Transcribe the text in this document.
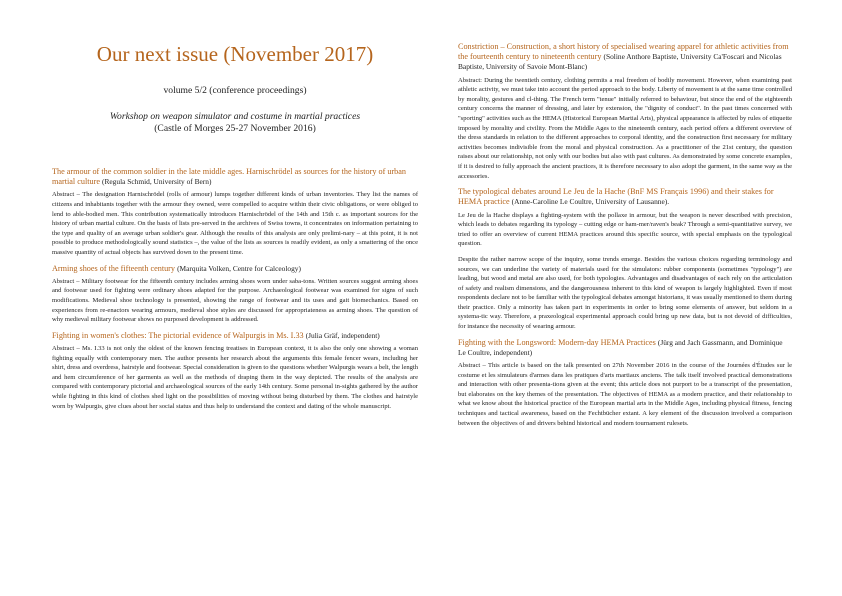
Our next issue (November 2017)

volume 5/2 (conference proceedings)

Workshop on weapon simulator and costume in martial practices

(Castle of Morges 25-27 November 2016)

The armour of the common soldier in the late middle ages. Harnischrödel as sources for the history of urban martial culture (Regula Schmid, University of Bern)

Abstract – The designation Harnischrödel (rolls of armour) lumps together different kinds of urban inventories. They list the names of citizens and inhabitants together with the armour they owned, were compelled to acquire within their civic obligations, or were obliged to lend to able-bodied men. This contribution systematically introduces Harnischrödel of the 14th and 15th c. as important sources for the history of urban martial culture. On the basis of lists pre-served in the archives of Swiss towns, it concentrates on information pertaining to the type and quality of an average urban soldier's gear. Although the results of this analysis are only prelimi-nary – at this point, it is not possible to produce methodologically sound statistics –, the value of the lists as sources is readily evident, as only a smattering of the once massive quantity of actual objects has survived down to the present time.

Arming shoes of the fifteenth century (Marquita Volken, Centre for Calceology)

Abstract – Military footwear for the fifteenth century includes arming shoes worn under saba-tons. Written sources suggest arming shoes and footwear used for fighting were ordinary shoes adapted for the purpose. Archaeological footwear was examined for signs of such modifications. Medieval shoe technology is presented, showing the range of footwear and its uses and gait biomechanics. Based on experiences from re-enactors wearing armours, medieval shoe styles are discussed for appropriateness as arming shoes. The question of why medieval military footwear shows no purposed development is addressed.

Fighting in women's clothes: The pictorial evidence of Walpurgis in Ms. I.33 (Julia Gräf, independent)

Abstract – Ms. I.33 is not only the oldest of the known fencing treatises in European context, it is also the only one showing a woman fighting equally with contemporary men. The author presents her research about the arguments this female fencer wears, including her shirt, dress and overdress, hairstyle and footwear. Special consideration is given to the questions whether Walpurgis wears a belt, the length and hem circumference of her garments as well as the methods of draping them in the way depicted. The results of the analysis are compared with contemporary pictorial and archaeological sources of the early 14th century. Some personal in-sights gathered by the author while fighting in this kind of clothes shed light on the possibilities of moving without being disturbed by them. The clothes and hairstyle worn by Walpurgis, give clues about her social status and thus help to understand the context and dating of the whole manuscript.

Constriction – Construction, a short history of specialised wearing apparel for athletic activities from the fourteenth century to nineteenth century (Soline Anthore Baptiste, University Ca'Foscari and Nicolas Baptiste, University of Savoie Mont-Blanc)

Abstract: During the twentieth century, clothing permits a real freedom of bodily movement. However, when examining past athletic activity, we must take into account the period approach to the body. Liberty of movement is at the same time controlled by morality, gestures and cl-thing. The French term "tenue" initially referred to behaviour, but since the end of the eighteenth century concerns the manner of dressing, and later by extension, the "dignity of conduct". In the past times concerned with "sporting" activities such as the HEMA (Historical European Martial Arts), physical appearance is affected by rules of etiquette imposed by morality and civility. From the Middle Ages to the nineteenth century, each period offers a different overview of the dress standards in relation to the different approaches to corporal identity, and the construction first necessary for military activities becomes indivisible from the moral and physical construction. As a practitioner of the 21st century, the question raises about our relationship, not only with our bodies but also with past cultures. As demonstrated by some concrete examples, if it is desired to fully approach the ancient practices, it is therefore necessary to also adopt the garment, in the same way as the accessories.

The typological debates around Le Jeu de la Hache (BnF MS Français 1996) and their stakes for HEMA practice (Anne-Caroline Le Coultre, University of Lausanne).

Le Jeu de la Hache displays a fighting-system with the pollaxe in armour, but the weapon is never described with precision, which leads to debates regarding its typology – cutting edge or ham-mer/raven's beak? Through a semi-quantitative survey, we tried to offer an overview of current HEMA practices around this specific source, with special emphasis on the typological question.

Despite the rather narrow scope of the inquiry, some trends emerge. Besides the various choices regarding terminology and sources, we can underline the variety of materials used for the simulators: rubber components (sometimes "typology") are leading, but wood and metal are also used, for both typologies. Advantages and disadvantages of each rely on the articulation of safety and realism dimensions, and the dangerousness inherent to this kind of weapon is largely highlighted. Even if most respondents declare not to be familiar with the typological debates amongst historians, it was usually mentioned to them during their practice. Only a minority has taken part in experiments in order to bring some elements of answer, but seldom in a systema-tic way. Therefore, a praxeological experimental approach could bring up new data, but is not devoid of difficulties, for instance the necessity of wearing armour.

Fighting with the Longsword: Modern-day HEMA Practices (Jürg and Jach Gassmann, and Dominique Le Coultre, independent)

Abstract – This article is based on the talk presented on 27th November 2016 in the course of the Journées d'Études sur le costume et les simulateurs d'armes dans les pratiques d'arts martiaux anciens. The talk itself involved practical demonstrations and interaction with other presenta-tions given at the event; this article does not purport to be a transcript of the presentation, but elaborates on the key themes of the presentation. The objectives of HEMA as a modern practice, and their relationship to what we know about the historical practice of the European martial arts in the Middle Ages, including physical fitness, fencing techniques and tactical awareness, based on the Fechtbücher extant. A key element of the discussion involved a comparison between the objectives of and drivers behind historical and modern tournament rulesets.
